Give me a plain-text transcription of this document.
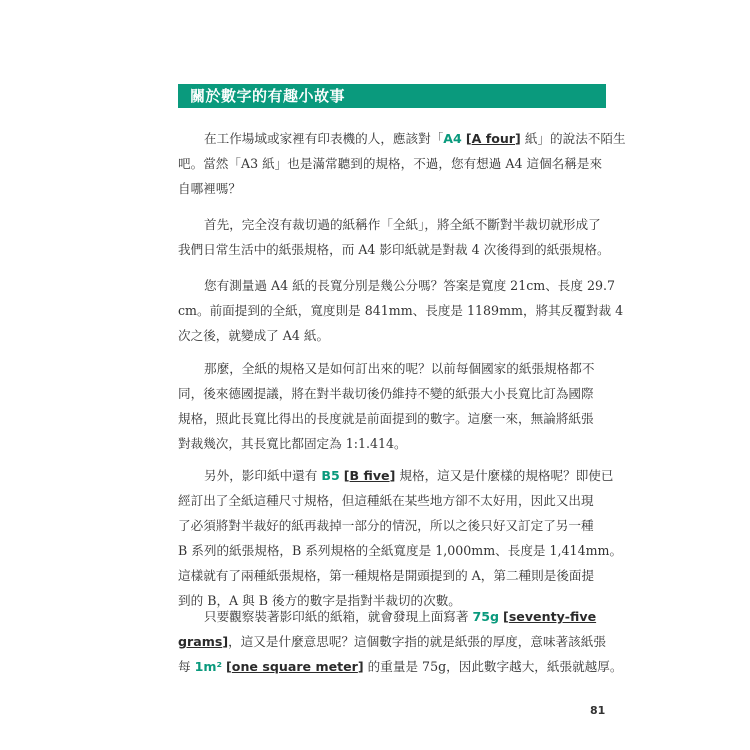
關於數字的有趣小故事
在工作場域或家裡有印表機的人，應該對「A4 [A four] 紙」的說法不陌生
吧。當然「A3 紙」也是滿常聽到的規格，不過，您有想過 A4 這個名稱是來
自哪裡嗎？
首先，完全沒有裁切過的紙稱作「全紙」，將全紙不斷對半裁切就形成了
我們日常生活中的紙張規格，而 A4 影印紙就是對裁 4 次後得到的紙張規格。
您有測量過 A4 紙的長寬分別是幾公分嗎？答案是寬度 21cm、長度 29.7
cm。前面提到的全紙，寬度則是 841mm、長度是 1189mm，將其反覆對裁 4
次之後，就變成了 A4 紙。
那麼，全紙的規格又是如何訂出來的呢？以前每個國家的紙張規格都不
同，後來德國提議，將在對半裁切後仍維持不變的紙張大小長寬比訂為國際
規格，照此長寬比得出的長度就是前面提到的數字。這麼一來，無論將紙張
對裁幾次，其長寬比都固定為 1:1.414。
另外，影印紙中還有 B5 [B five] 規格，這又是什麼樣的規格呢？即使已
經訂出了全紙這種尺寸規格，但這種紙在某些地方卻不太好用，因此又出現
了必須將對半裁好的紙再裁掉一部分的情況，所以之後只好又訂定了另一種
B 系列的紙張規格，B 系列規格的全紙寬度是 1,000mm、長度是 1,414mm。
這樣就有了兩種紙張規格，第一種規格是開頭提到的 A，第二種則是後面提
到的 B，A 與 B 後方的數字是指對半裁切的次數。
只要觀察裝著影印紙的紙箱，就會發現上面寫著 75g [seventy-five
grams]，這又是什麼意思呢？這個數字指的就是紙張的厚度，意味著該紙張
每 1m² [one square meter] 的重量是 75g，因此數字越大，紙張就越厚。
81
